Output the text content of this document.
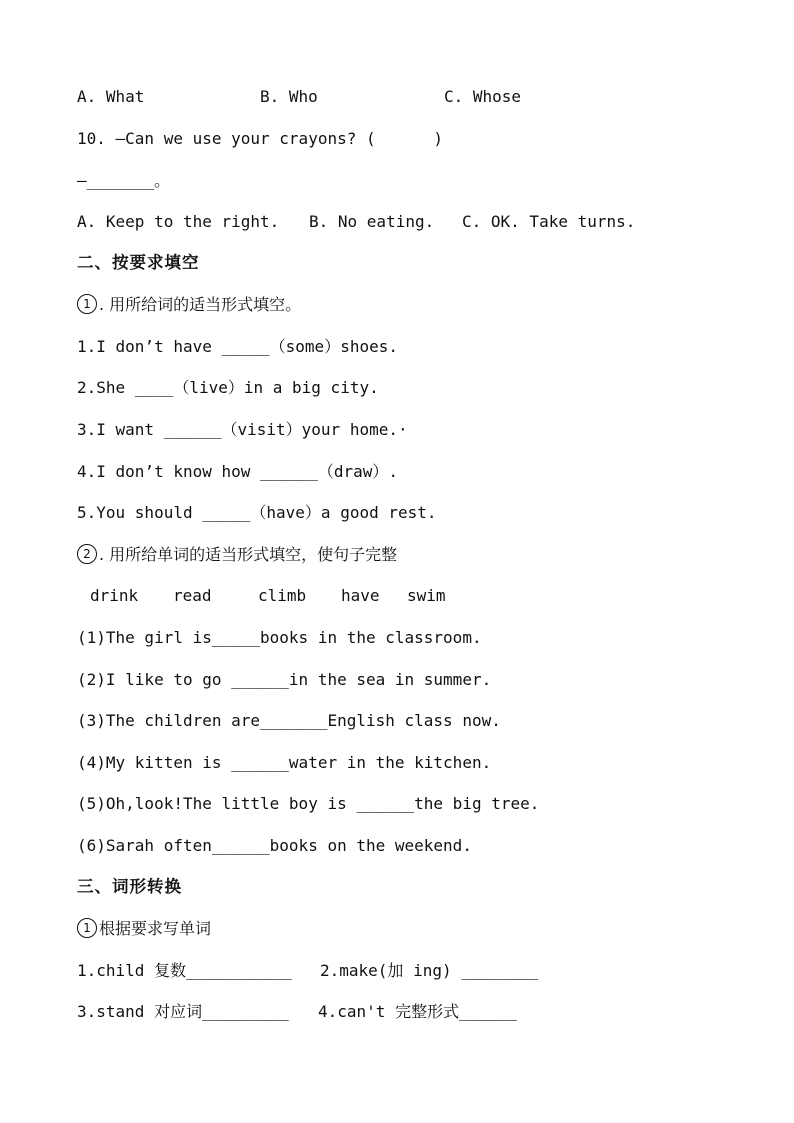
A. What	B. Who	C. Whose
10. —Can we use your crayons? (      )
—_______。
A. Keep to the right. B. No eating. C. OK. Take turns.
二、按要求填空
1 . 用所给词的适当形式填空。
1.I don’t have _____（some）shoes.
2.She ____（live）in a big city.
3.I want ______（visit）your home.·
4.I don’t know how ______（draw）.
5.You should _____（have）a good rest.
2 . 用所给单词的适当形式填空，使句子完整
drink read	climb have swim
(1)The girl is_____books in the classroom.
(2)I like to go ______in the sea in summer.
(3)The children are_______English class now.
(4)My kitten is ______water in the kitchen.
(5)Oh,look!The little boy is ______the big tree.
(6)Sarah often______books on the weekend.
三、词形转换
1 根据要求写单词
1.child 复数___________ 2.make(加 ing) ________
3.stand 对应词_________ 4.can't 完整形式______
